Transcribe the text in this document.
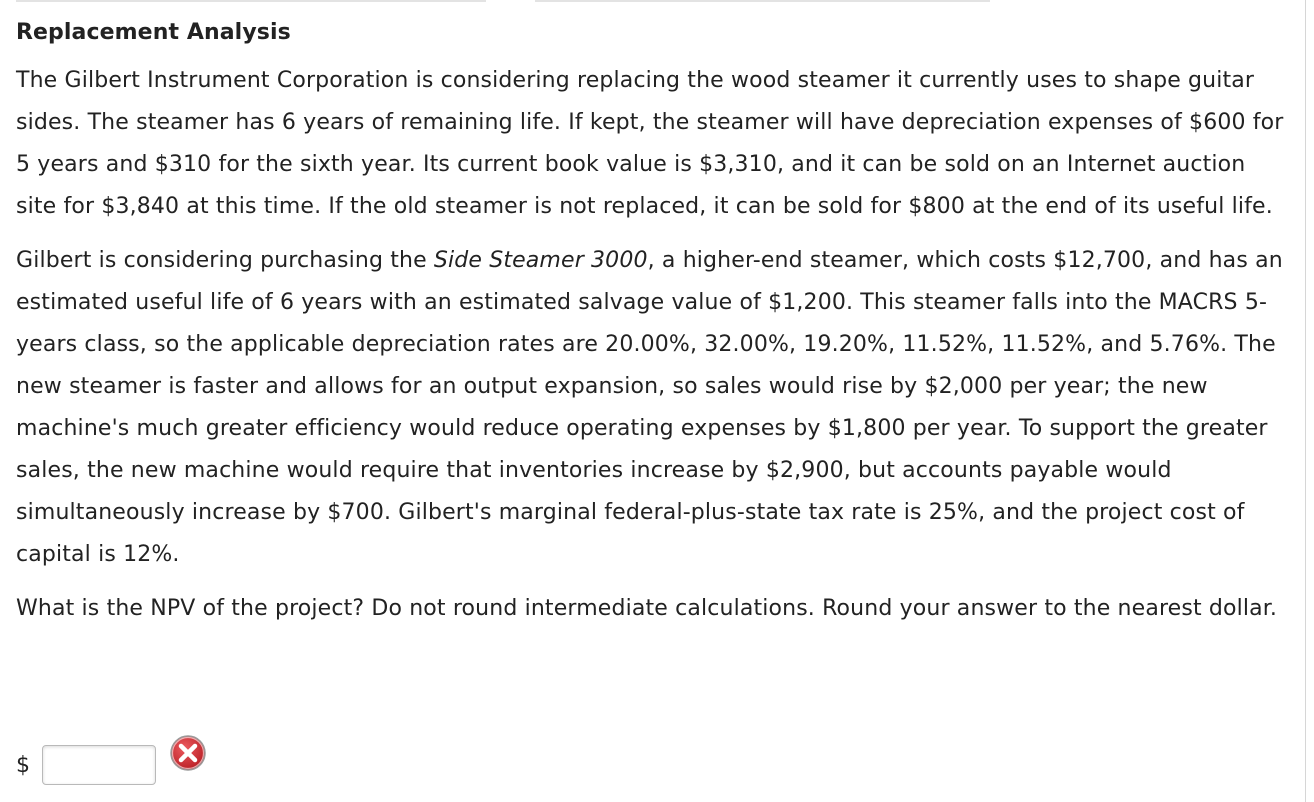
Replacement Analysis

The Gilbert Instrument Corporation is considering replacing the wood steamer it currently uses to shape guitar sides. The steamer has 6 years of remaining life. If kept, the steamer will have depreciation expenses of $600 for 5 years and $310 for the sixth year. Its current book value is $3,310, and it can be sold on an Internet auction site for $3,840 at this time. If the old steamer is not replaced, it can be sold for $800 at the end of its useful life.

Gilbert is considering purchasing the Side Steamer 3000, a higher-end steamer, which costs $12,700, and has an estimated useful life of 6 years with an estimated salvage value of $1,200. This steamer falls into the MACRS 5-years class, so the applicable depreciation rates are 20.00%, 32.00%, 19.20%, 11.52%, 11.52%, and 5.76%. The new steamer is faster and allows for an output expansion, so sales would rise by $2,000 per year; the new machine's much greater efficiency would reduce operating expenses by $1,800 per year. To support the greater sales, the new machine would require that inventories increase by $2,900, but accounts payable would simultaneously increase by $700. Gilbert's marginal federal-plus-state tax rate is 25%, and the project cost of capital is 12%.

What is the NPV of the project? Do not round intermediate calculations. Round your answer to the nearest dollar.

$
